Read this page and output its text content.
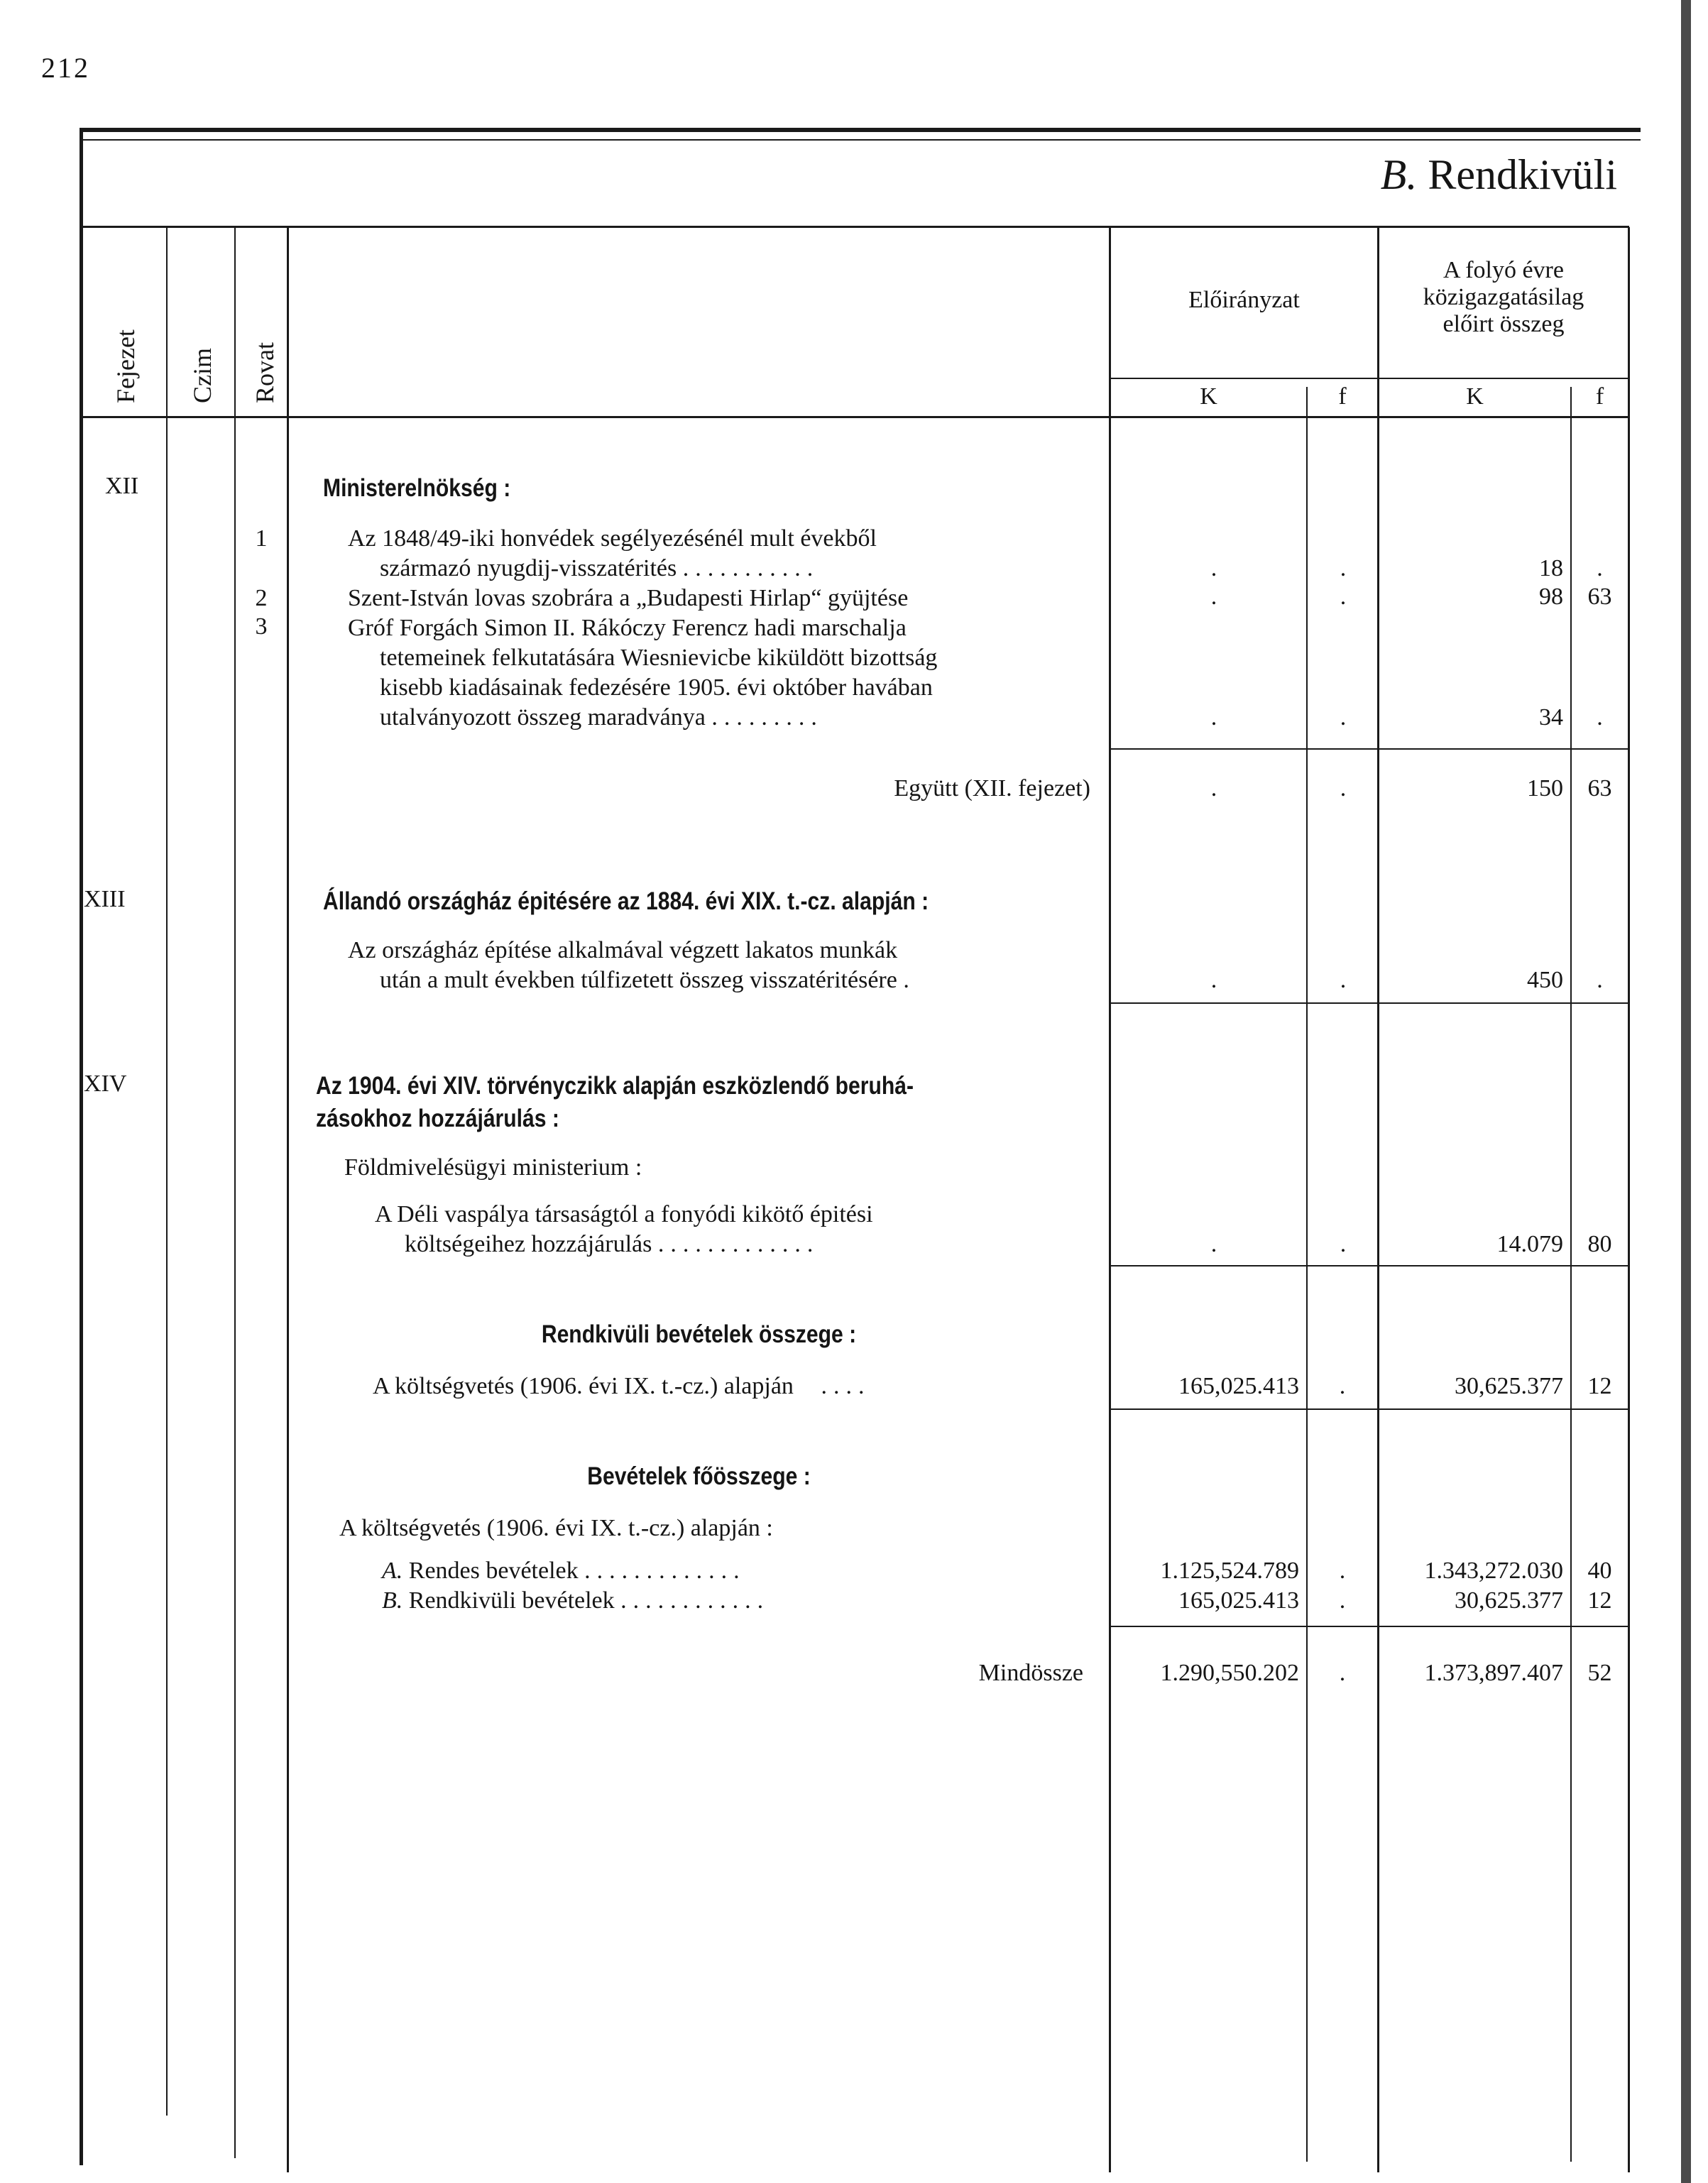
212
B. Rendkivüli
Fejezet Czim Rovat
Előirányzat
A folyó évre
közigazgatásilag
előirt összeg
K	f	K	f
XII	Ministerelnökség :
1	Az 1848/49-iki honvédek segélyezésénél mult évekből
származó nyugdij-visszatérités ...........	.	.	18	.
2	Szent-István lovas szobrára a „Budapesti Hirlap“ gyüjtése	.	.	98	63
3	Gróf Forgách Simon II. Rákóczy Ferencz hadi marschalja
tetemeinek felkutatására Wiesnievicbe kiküldött bizottság
kisebb kiadásainak fedezésére 1905. évi október havában
utalványozott összeg maradványa .........	.	.	34	.
Együtt (XII. fejezet)	.	.	150	63
XIII	Állandó országház épitésére az 1884. évi XIX. t.-cz. alapján :
Az országház építése alkalmával végzett lakatos munkák
után a mult években túlfizetett összeg visszatéritésére .	.	.	450	.
XIV	Az 1904. évi XIV. törvényczikk alapján eszközlendő beruhá-
zásokhoz hozzájárulás :
Földmivelésügyi ministerium :
A Déli vaspálya társaságtól a fonyódi kikötő épitési
költségeihez hozzájárulás .............	.	.	14.079	80
Rendkivüli bevételek összege :
A költségvetés (1906. évi IX. t.-cz.) alapján ....	165,025.413	.	30,625.377	12
Bevételek főösszege :
A költségvetés (1906. évi IX. t.-cz.) alapján :
A. Rendes bevételek .............	1.125,524.789	.	1.343,272.030	40
B. Rendkivüli bevételek ............	165,025.413	.	30,625.377	12
Mindössze	1.290,550.202	.	1.373,897.407	52
